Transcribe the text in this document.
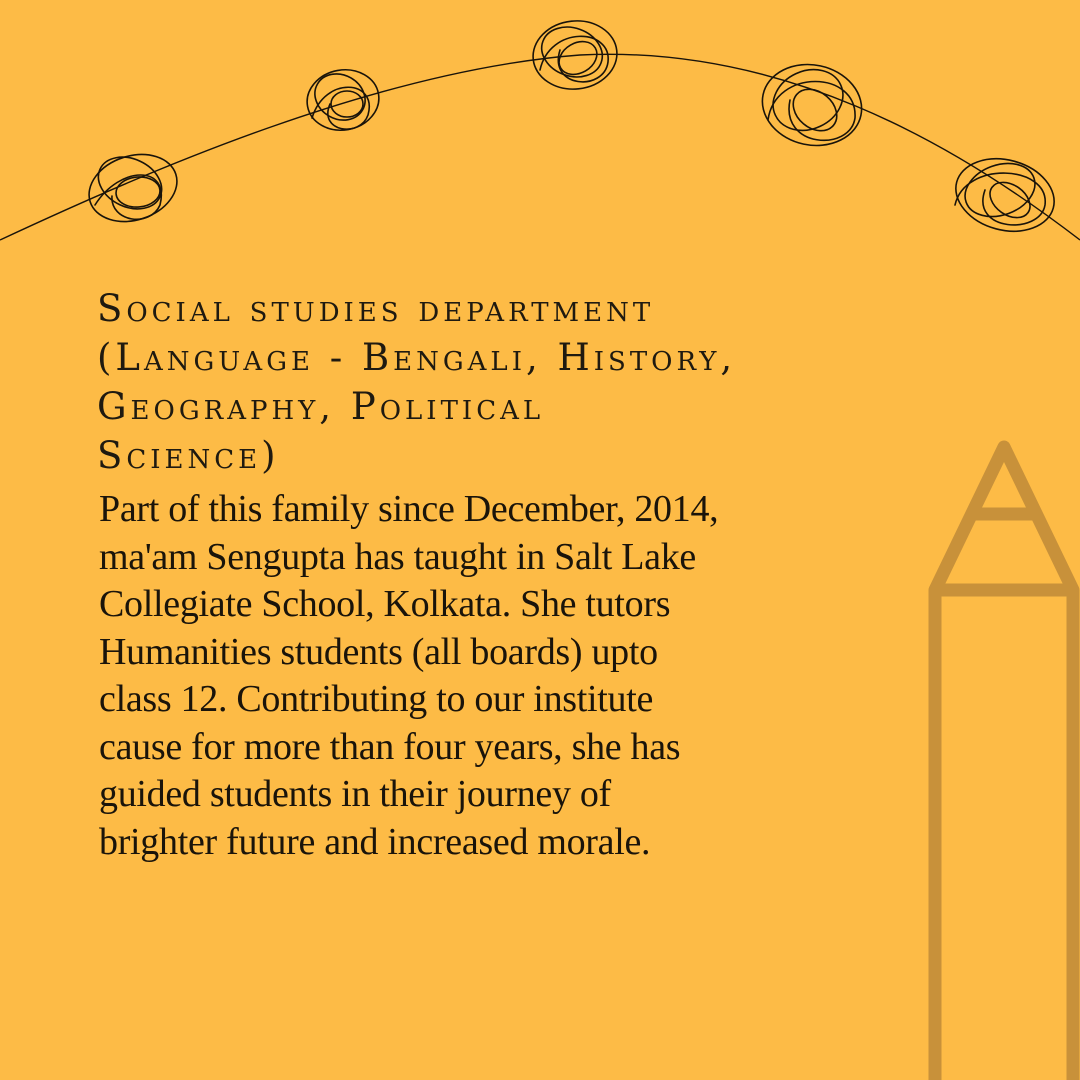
Social studies department
(Language - Bengali, History,
Geography, Political
Science)

Part of this family since December, 2014,
ma'am Sengupta has taught in Salt Lake
Collegiate School, Kolkata. She tutors
Humanities students (all boards) upto
class 12. Contributing to our institute
cause for more than four years, she has
guided students in their journey of
brighter future and increased morale.
